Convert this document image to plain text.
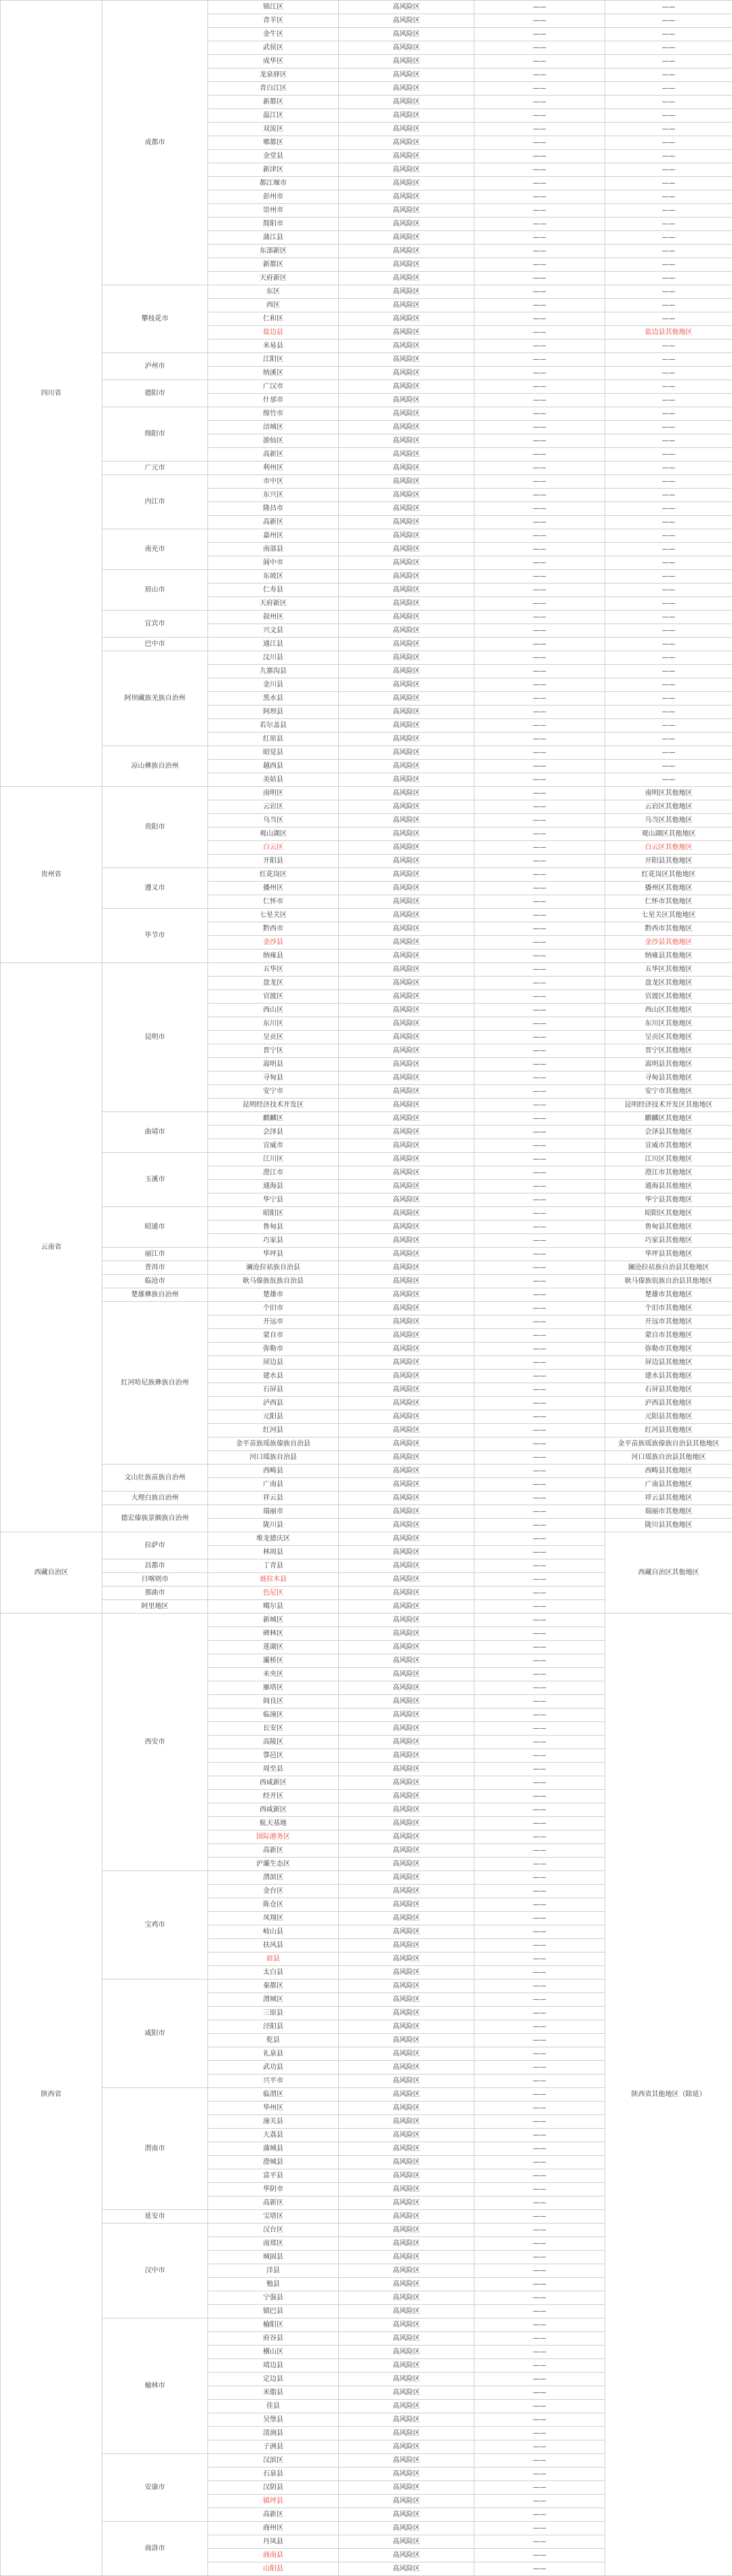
四川省	成都市	锦江区	高风险区	——	——	
		青羊区	高风险区	——	——	
		金牛区	高风险区	——	——	
		武侯区	高风险区	——	——	
		成华区	高风险区	——	——	
		龙泉驿区	高风险区	——	——	
		青白江区	高风险区	——	——	
		新都区	高风险区	——	——	
		温江区	高风险区	——	——	
		双流区	高风险区	——	——	
		郫都区	高风险区	——	——	
		金堂县	高风险区	——	——	
		新津区	高风险区	——	——	
		都江堰市	高风险区	——	——	
		彭州市	高风险区	——	——	
		崇州市	高风险区	——	——	
		简阳市	高风险区	——	——	
		蒲江县	高风险区	——	——	
		东部新区	高风险区	——	——	
		新都区	高风险区	——	——	
		天府新区	高风险区	——	——	
	攀枝花市	东区	高风险区	——	——	
		西区	高风险区	——	——	
		仁和区	高风险区	——	——	
		盐边县	高风险区	——	盐边县其他地区	
		米易县	高风险区	——	——	
	泸州市	江阳区	高风险区	——	——	
		纳溪区	高风险区	——	——	
	德阳市	广汉市	高风险区	——	——	
		什邡市	高风险区	——	——	
	绵阳市	绵竹市	高风险区	——	——	
		涪城区	高风险区	——	——	
		游仙区	高风险区	——	——	
		高新区	高风险区	——	——	
	广元市	利州区	高风险区	——	——	
	内江市	市中区	高风险区	——	——	
		东兴区	高风险区	——	——	
		隆昌市	高风险区	——	——	
		高新区	高风险区	——	——	
	南充市	嘉州区	高风险区	——	——	
		南部县	高风险区	——	——	
		阆中市	高风险区	——	——	
	眉山市	东坡区	高风险区	——	——	
		仁寿县	高风险区	——	——	
		天府新区	高风险区	——	——	
	宜宾市	叙州区	高风险区	——	——	
		兴文县	高风险区	——	——	
	巴中市	通江县	高风险区	——	——	
	阿坝藏族羌族自治州	汶川县	高风险区	——	——	
		九寨沟县	高风险区	——	——	
		金川县	高风险区	——	——	
		黑水县	高风险区	——	——	
		阿坝县	高风险区	——	——	
		若尔盖县	高风险区	——	——	
		红原县	高风险区	——	——	
	凉山彝族自治州	昭觉县	高风险区	——	——	
		越西县	高风险区	——	——	
		美姑县	高风险区	——	——	
贵州省	贵阳市	南明区	高风险区	——	南明区其他地区	
		云岩区	高风险区	——	云岩区其他地区	
		乌当区	高风险区	——	乌当区其他地区	
		观山湖区	高风险区	——	观山湖区其他地区	
		白云区	高风险区	——	白云区其他地区	
		开阳县	高风险区	——	开阳县其他地区	
	遵义市	红花岗区	高风险区	——	红花岗区其他地区	
		播州区	高风险区	——	播州区其他地区	
		仁怀市	高风险区	——	仁怀市其他地区	
	毕节市	七星关区	高风险区	——	七星关区其他地区	
		黔西市	高风险区	——	黔西市其他地区	
		金沙县	高风险区	——	金沙县其他地区	
		纳雍县	高风险区	——	纳雍县其他地区	
云南省	昆明市	五华区	高风险区	——	五华区其他地区	
		盘龙区	高风险区	——	盘龙区其他地区	
		官渡区	高风险区	——	官渡区其他地区	
		西山区	高风险区	——	西山区其他地区	
		东川区	高风险区	——	东川区其他地区	
		呈贡区	高风险区	——	呈贡区其他地区	
		晋宁区	高风险区	——	晋宁区其他地区	
		嵩明县	高风险区	——	嵩明县其他地区	
		寻甸县	高风险区	——	寻甸县其他地区	
		安宁市	高风险区	——	安宁市其他地区	
		昆明经济技术开发区	高风险区	——	昆明经济技术开发区其他地区	
	曲靖市	麒麟区	高风险区	——	麒麟区其他地区	
		会泽县	高风险区	——	会泽县其他地区	
		宣威市	高风险区	——	宣威市其他地区	
	玉溪市	江川区	高风险区	——	江川区其他地区	
		澄江市	高风险区	——	澄江市其他地区	
		通海县	高风险区	——	通海县其他地区	
		华宁县	高风险区	——	华宁县其他地区	
	昭通市	昭阳区	高风险区	——	昭阳区其他地区	
		鲁甸县	高风险区	——	鲁甸县其他地区	
		巧家县	高风险区	——	巧家县其他地区	
	丽江市	华坪县	高风险区	——	华坪县其他地区	
	普洱市	澜沧拉祜族自治县	高风险区	——	澜沧拉祜族自治县其他地区	
	临沧市	耿马傣族佤族自治县	高风险区	——	耿马傣族佤族自治县其他地区	
	楚雄彝族自治州	楚雄市	高风险区	——	楚雄市其他地区	
	红河哈尼族彝族自治州	个旧市	高风险区	——	个旧市其他地区	
		开远市	高风险区	——	开远市其他地区	
		蒙自市	高风险区	——	蒙自市其他地区	
		弥勒市	高风险区	——	弥勒市其他地区	
		屏边县	高风险区	——	屏边县其他地区	
		建水县	高风险区	——	建水县其他地区	
		石屏县	高风险区	——	石屏县其他地区	
		泸西县	高风险区	——	泸西县其他地区	
		元阳县	高风险区	——	元阳县其他地区	
		红河县	高风险区	——	红河县其他地区	
		金平苗族瑶族傣族自治县	高风险区	——	金平苗族瑶族傣族自治县其他地区	
		河口瑶族自治县	高风险区	——	河口瑶族自治县其他地区	
	文山壮族苗族自治州	西畴县	高风险区	——	西畴县其他地区	
		广南县	高风险区	——	广南县其他地区	
	大理白族自治州	祥云县	高风险区	——	祥云县其他地区	
	德宏傣族景颇族自治州	瑞丽市	高风险区	——	瑞丽市其他地区	
		陇川县	高风险区	——	陇川县其他地区	
西藏自治区	拉萨市	堆龙德庆区	高风险区	——	西藏自治区其他地区	
		林周县	高风险区	——	
	昌都市	丁青县	高风险区	——	
	日喀则市	聂拉木县	高风险区	——	
	那曲市	色尼区	高风险区	——	
	阿里地区	噶尔县	高风险区	——	
陕西省	西安市	新城区	高风险区	——	陕西省其他地区（除延）	
		碑林区	高风险区	——	
		莲湖区	高风险区	——	
		灞桥区	高风险区	——	
		未央区	高风险区	——	
		雁塔区	高风险区	——	
		阎良区	高风险区	——	
		临潼区	高风险区	——	
		长安区	高风险区	——	
		高陵区	高风险区	——	
		鄠邑区	高风险区	——	
		周至县	高风险区	——	
		西咸新区	高风险区	——	
		经开区	高风险区	——	
		西咸新区	高风险区	——	
		航天基地	高风险区	——	
		国际港务区	高风险区	——	
		高新区	高风险区	——	
		沪灞生态区	高风险区	——	
	宝鸡市	渭滨区	高风险区	——	
		金台区	高风险区	——	
		陈仓区	高风险区	——	
		凤翔区	高风险区	——	
		岐山县	高风险区	——	
		扶风县	高风险区	——	
		眉县	高风险区	——	
		太白县	高风险区	——	
	咸阳市	秦都区	高风险区	——	
		渭城区	高风险区	——	
		三原县	高风险区	——	
		泾阳县	高风险区	——	
		乾县	高风险区	——	
		礼泉县	高风险区	——	
		武功县	高风险区	——	
		兴平市	高风险区	——	
	渭南市	临渭区	高风险区	——	
		华州区	高风险区	——	
		潼关县	高风险区	——	
		大荔县	高风险区	——	
		蒲城县	高风险区	——	
		澄城县	高风险区	——	
		富平县	高风险区	——	
		华阴市	高风险区	——	
		高新区	高风险区	——	
	延安市	宝塔区	高风险区	——	
	汉中市	汉台区	高风险区	——	
		南郑区	高风险区	——	
		城固县	高风险区	——	
		洋县	高风险区	——	
		勉县	高风险区	——	
		宁强县	高风险区	——	
		镇巴县	高风险区	——	
	榆林市	榆阳区	高风险区	——	
		府谷县	高风险区	——	
		横山区	高风险区	——	
		靖边县	高风险区	——	
		定边县	高风险区	——	
		米脂县	高风险区	——	
		佳县	高风险区	——	
		吴堡县	高风险区	——	
		清涧县	高风险区	——	
		子洲县	高风险区	——	
	安康市	汉滨区	高风险区	——	
		石泉县	高风险区	——	
		汉阴县	高风险区	——	
		镇坪县	高风险区	——	
		高新区	高风险区	——	
	商洛市	商州区	高风险区	——	
		丹凤县	高风险区	——	
		商南县	高风险区	——	
		山阳县	高风险区	——	
